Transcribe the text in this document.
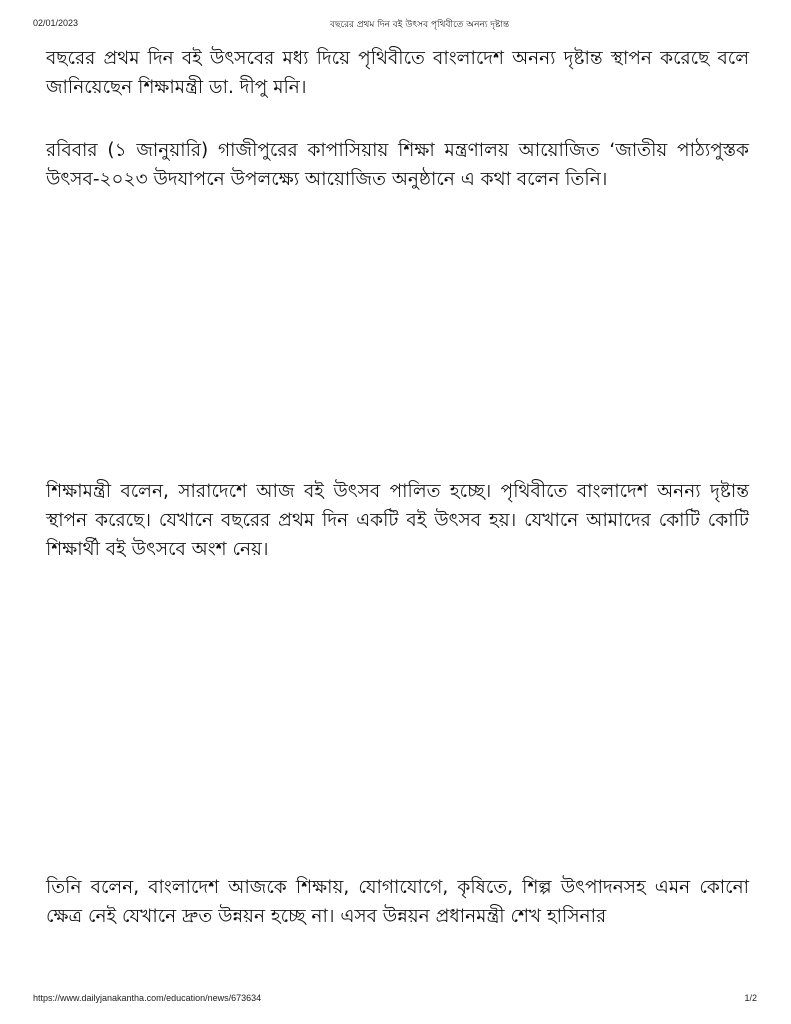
02/01/2023	বছরের প্রথম দিন বই উৎসব পৃথিবীতে অনন্য দৃষ্টান্ত

বছরের প্রথম দিন বই উৎসবের মধ্য দিয়ে পৃথিবীতে বাংলাদেশ অনন্য দৃষ্টান্ত স্থাপন করেছে বলে জানিয়েছেন শিক্ষামন্ত্রী ডা. দীপু মনি।

রবিবার (১ জানুয়ারি) গাজীপুরের কাপাসিয়ায় শিক্ষা মন্ত্রণালয় আয়োজিত ‘জাতীয় পাঠ্যপুস্তক উৎসব-২০২৩ উদযাপনে উপলক্ষ্যে আয়োজিত অনুষ্ঠানে এ কথা বলেন তিনি।

শিক্ষামন্ত্রী বলেন, সারাদেশে আজ বই উৎসব পালিত হচ্ছে। পৃথিবীতে বাংলাদেশ অনন্য দৃষ্টান্ত স্থাপন করেছে। যেখানে বছরের প্রথম দিন একটি বই উৎসব হয়। যেখানে আমাদের কোটি কোটি শিক্ষার্থী বই উৎসবে অংশ নেয়।

তিনি বলেন, বাংলাদেশ আজকে শিক্ষায়, যোগাযোগে, কৃষিতে, শিল্প উৎপাদনসহ এমন কোনো ক্ষেত্র নেই যেখানে দ্রুত উন্নয়ন হচ্ছে না। এসব উন্নয়ন প্রধানমন্ত্রী শেখ হাসিনার

https://www.dailyjanakantha.com/education/news/673634	1/2
